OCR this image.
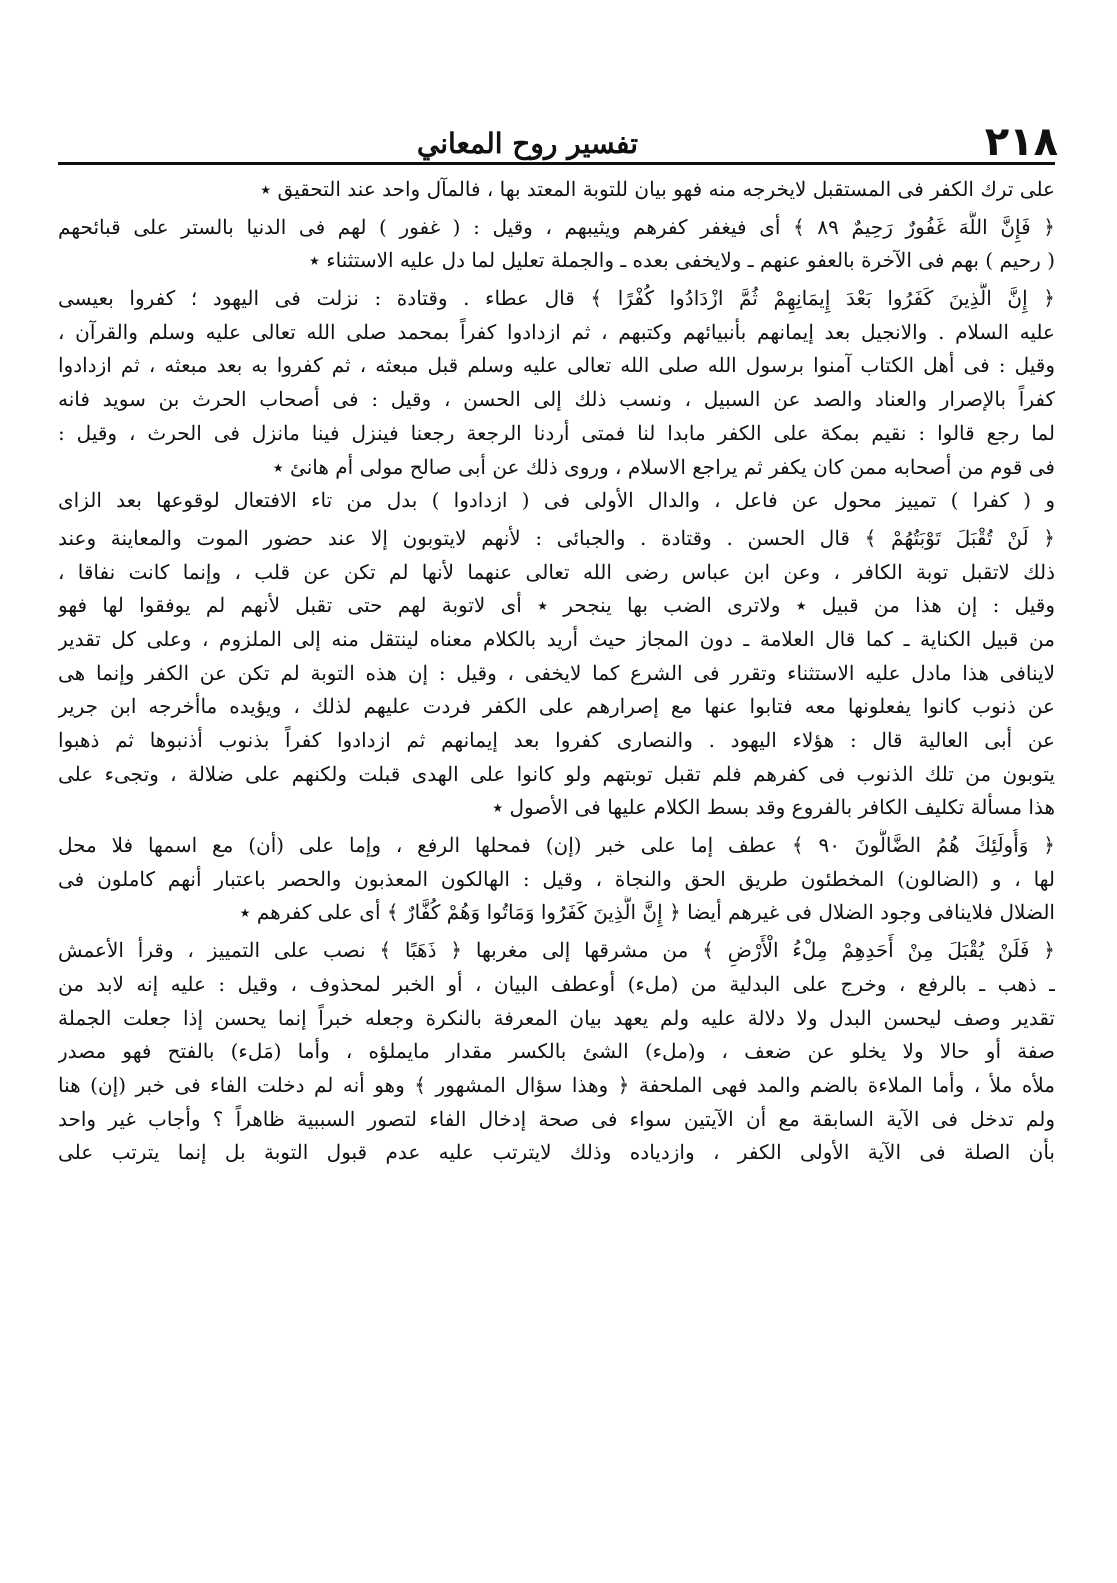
٢١٨
تفسير روح المعاني
على ترك الكفر فى المستقبل لايخرجه منه فهو بيان للتوبة المعتد بها ، فالمآل واحد عند التحقيق ٭
﴿ فَإِنَّ اللَّهَ غَفُورٌ رَحِيمٌ ٨٩ ﴾ أى فيغفر كفرهم ويثيبهم ، وقيل : ( غفور ) لهم فى الدنيا بالستر على قبائحهم
( رحيم ) بهم فى الآخرة بالعفو عنهم ـ ولايخفى بعده ـ والجملة تعليل لما دل عليه الاستثناء ٭
﴿ إِنَّ الَّذِينَ كَفَرُوا بَعْدَ إِيمَانِهِمْ ثُمَّ ازْدَادُوا كُفْرًا ﴾ قال عطاء . وقتادة : نزلت فى اليهود ؛ كفروا بعيسى
عليه السلام . والانجيل بعد إيمانهم بأنبيائهم وكتبهم ، ثم ازدادوا كفراً بمحمد صلى الله تعالى عليه وسلم والقرآن ،
وقيل : فى أهل الكتاب آمنوا برسول الله صلى الله تعالى عليه وسلم قبل مبعثه ، ثم كفروا به بعد مبعثه ، ثم ازدادوا
كفراً بالإصرار والعناد والصد عن السبيل ، ونسب ذلك إلى الحسن ، وقيل : فى أصحاب الحرث بن سويد فانه
لما رجع قالوا : نقيم بمكة على الكفر مابدا لنا فمتى أردنا الرجعة رجعنا فينزل فينا مانزل فى الحرث ، وقيل :
فى قوم من أصحابه ممن كان يكفر ثم يراجع الاسلام ، وروى ذلك عن أبى صالح مولى أم هانئ ٭
و ( كفرا ) تمييز محول عن فاعل ، والدال الأولى فى ( ازدادوا ) بدل من تاء الافتعال لوقوعها بعد الزاى
﴿ لَنْ تُقْبَلَ تَوْبَتُهُمْ ﴾ قال الحسن . وقتادة . والجبائى : لأنهم لايتوبون إلا عند حضور الموت والمعاينة وعند
ذلك لاتقبل توبة الكافر ، وعن ابن عباس رضى الله تعالى عنهما لأنها لم تكن عن قلب ، وإنما كانت نفاقا ،
وقيل : إن هذا من قبيل ٭ ولاترى الضب بها ينجحر ٭ أى لاتوبة لهم حتى تقبل لأنهم لم يوفقوا لها فهو
من قبيل الكناية ـ كما قال العلامة ـ دون المجاز حيث أريد بالكلام معناه لينتقل منه إلى الملزوم ، وعلى كل تقدير
لاينافى هذا مادل عليه الاستثناء وتقرر فى الشرع كما لايخفى ، وقيل : إن هذه التوبة لم تكن عن الكفر وإنما هى
عن ذنوب كانوا يفعلونها معه فتابوا عنها مع إصرارهم على الكفر فردت عليهم لذلك ، ويؤيده ماأخرجه ابن جرير
عن أبى العالية قال : هؤلاء اليهود . والنصارى كفروا بعد إيمانهم ثم ازدادوا كفراً بذنوب أذنبوها ثم ذهبوا
يتوبون من تلك الذنوب فى كفرهم فلم تقبل توبتهم ولو كانوا على الهدى قبلت ولكنهم على ضلالة ، وتجىء على
هذا مسألة تكليف الكافر بالفروع وقد بسط الكلام عليها فى الأصول ٭
﴿ وَأُولَئِكَ هُمُ الضَّالُّونَ ٩٠ ﴾ عطف إما على خبر (إن) فمحلها الرفع ، وإما على (أن) مع اسمها فلا محل
لها ، و (الضالون) المخطئون طريق الحق والنجاة ، وقيل : الهالكون المعذبون والحصر باعتبار أنهم كاملون فى
الضلال فلاينافى وجود الضلال فى غيرهم أيضا ﴿ إِنَّ الَّذِينَ كَفَرُوا وَمَاتُوا وَهُمْ كُفَّارٌ ﴾ أى على كفرهم ٭
﴿ فَلَنْ يُقْبَلَ مِنْ أَحَدِهِمْ مِلْءُ الْأَرْضِ ﴾ من مشرقها إلى مغربها ﴿ ذَهَبًا ﴾ نصب على التمييز ، وقرأ الأعمش
ـ ذهب ـ بالرفع ، وخرج على البدلية من (ملء) أوعطف البيان ، أو الخبر لمحذوف ، وقيل : عليه إنه لابد من
تقدير وصف ليحسن البدل ولا دلالة عليه ولم يعهد بيان المعرفة بالنكرة وجعله خبراً إنما يحسن إذا جعلت الجملة
صفة أو حالا ولا يخلو عن ضعف ، و(ملء) الشئ بالكسر مقدار مايملؤه ، وأما (مَلء) بالفتح فهو مصدر
ملأه ملأ ، وأما الملاءة بالضم والمد فهى الملحفة ﴿ وهذا سؤال المشهور ﴾ وهو أنه لم دخلت الفاء فى خبر (إن) هنا
ولم تدخل فى الآية السابقة مع أن الآيتين سواء فى صحة إدخال الفاء لتصور السببية ظاهراً ؟ وأجاب غير واحد
بأن الصلة فى الآية الأولى الكفر ، وازدياده وذلك لايترتب عليه عدم قبول التوبة بل إنما يترتب على
